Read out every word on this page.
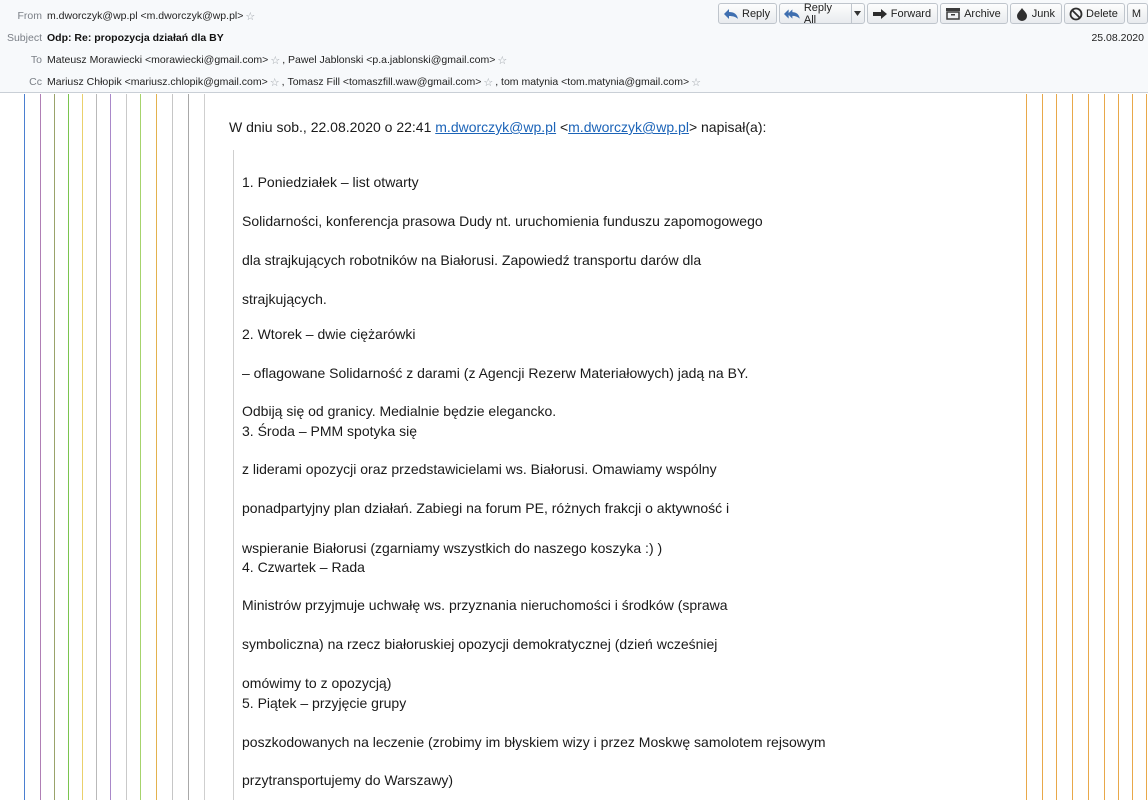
From m.dworczyk@wp.pl <m.dworczyk@wp.pl> ☆
Subject Odp: Re: propozycja działań dla BY
To Mateusz Morawiecki <morawiecki@gmail.com> ☆ , Pawel Jablonski <p.a.jablonski@gmail.com> ☆
Cc Mariusz Chłopik <mariusz.chlopik@gmail.com> ☆ , Tomasz Fill <tomaszfill.waw@gmail.com> ☆ , tom matynia <tom.matynia@gmail.com> ☆
Reply	Reply All	Forward	Archive	Junk	Delete M
25.08.2020
W dniu sob., 22.08.2020 o 22:41 m.dworczyk@wp.pl <m.dworczyk@wp.pl> napisał(a):
1. Poniedziałek – list otwarty
Solidarności, konferencja prasowa Dudy nt. uruchomienia funduszu zapomogowego
dla strajkujących robotników na Białorusi. Zapowiedź transportu darów dla
strajkujących.
2. Wtorek – dwie ciężarówki
– oflagowane Solidarność z darami (z Agencji Rezerw Materiałowych) jadą na BY.
Odbiją się od granicy. Medialnie będzie elegancko.
3. Środa – PMM spotyka się
z liderami opozycji oraz przedstawicielami ws. Białorusi. Omawiamy wspólny
ponadpartyjny plan działań. Zabiegi na forum PE, różnych frakcji o aktywność i
wspieranie Białorusi (zgarniamy wszystkich do naszego koszyka :) )
4. Czwartek – Rada
Ministrów przyjmuje uchwałę ws. przyznania nieruchomości i środków (sprawa
symboliczna) na rzecz białoruskiej opozycji demokratycznej (dzień wcześniej
omówimy to z opozycją)
5. Piątek – przyjęcie grupy
poszkodowanych na leczenie (zrobimy im błyskiem wizy i przez Moskwę samolotem rejsowym
przytransportujemy do Warszawy)
